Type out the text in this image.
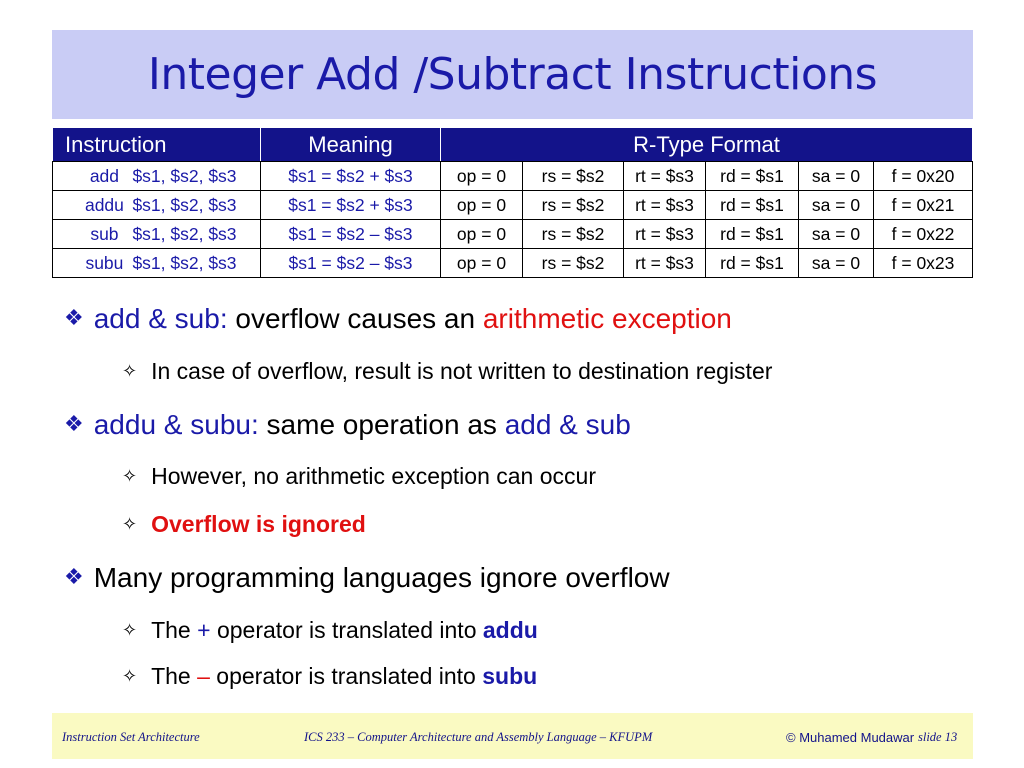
Integer Add /Subtract Instructions
Instruction	Meaning	R-Type Format					
add $s1, $s2, $s3	$s1 = $s2 + $s3	op = 0	rs = $s2	rt = $s3	rd = $s1	sa = 0	f = 0x20
addu $s1, $s2, $s3	$s1 = $s2 + $s3	op = 0	rs = $s2	rt = $s3	rd = $s1	sa = 0	f = 0x21
sub $s1, $s2, $s3	$s1 = $s2 – $s3	op = 0	rs = $s2	rt = $s3	rd = $s1	sa = 0	f = 0x22
subu $s1, $s2, $s3	$s1 = $s2 – $s3	op = 0	rs = $s2	rt = $s3	rd = $s1	sa = 0	f = 0x23
❖ add & sub: overflow causes an arithmetic exception
✧ In case of overflow, result is not written to destination register
❖ addu & subu: same operation as add & sub
✧ However, no arithmetic exception can occur
✧ Overflow is ignored
❖ Many programming languages ignore overflow
✧ The + operator is translated into addu
✧ The – operator is translated into subu
Instruction Set Architecture	ICS 233 – Computer Architecture and Assembly Language – KFUPM	© Muhamed Mudawar slide 13
